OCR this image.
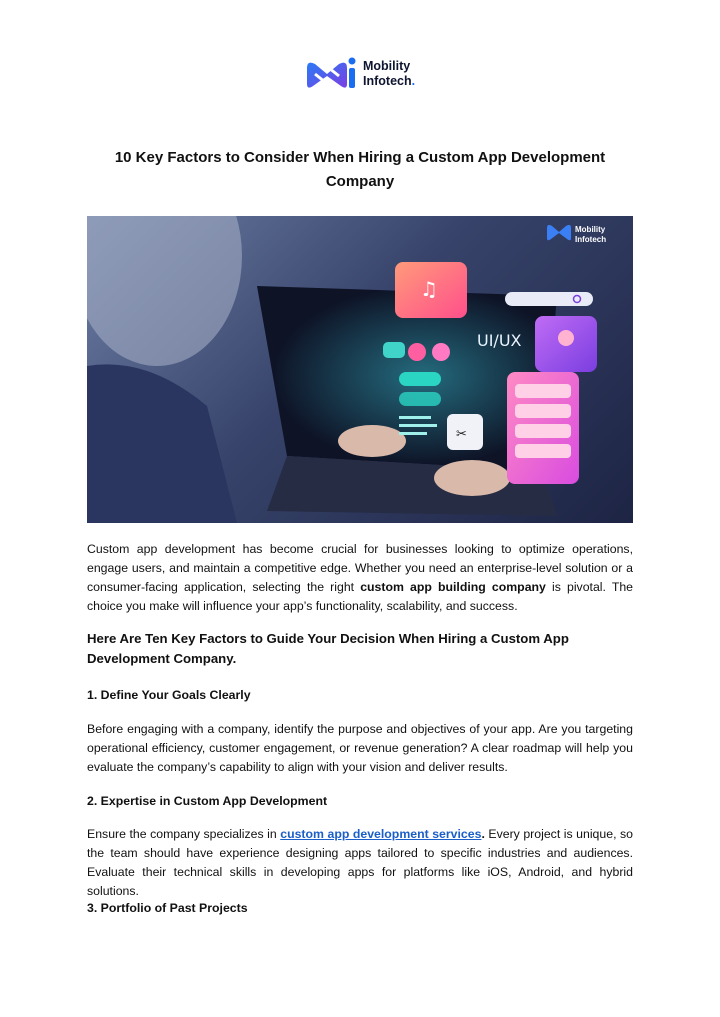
Mobility
Infotech.
10 Key Factors to Consider When Hiring a Custom App Development Company
♫
UI/UX
✂
Mobility
Infotech

Custom app development has become crucial for businesses looking to optimize operations, engage users, and maintain a competitive edge. Whether you need an enterprise-level solution or a consumer-facing application, selecting the right custom app building company is pivotal. The choice you make will influence your app’s functionality, scalability, and success.

Here Are Ten Key Factors to Guide Your Decision When Hiring a Custom App Development Company.
1. Define Your Goals Clearly

Before engaging with a company, identify the purpose and objectives of your app. Are you targeting operational efficiency, customer engagement, or revenue generation? A clear roadmap will help you evaluate the company’s capability to align with your vision and deliver results.

2. Expertise in Custom App Development

Ensure the company specializes in custom app development services. Every project is unique, so the team should have experience designing apps tailored to specific industries and audiences. Evaluate their technical skills in developing apps for platforms like iOS, Android, and hybrid solutions.

3. Portfolio of Past Projects
